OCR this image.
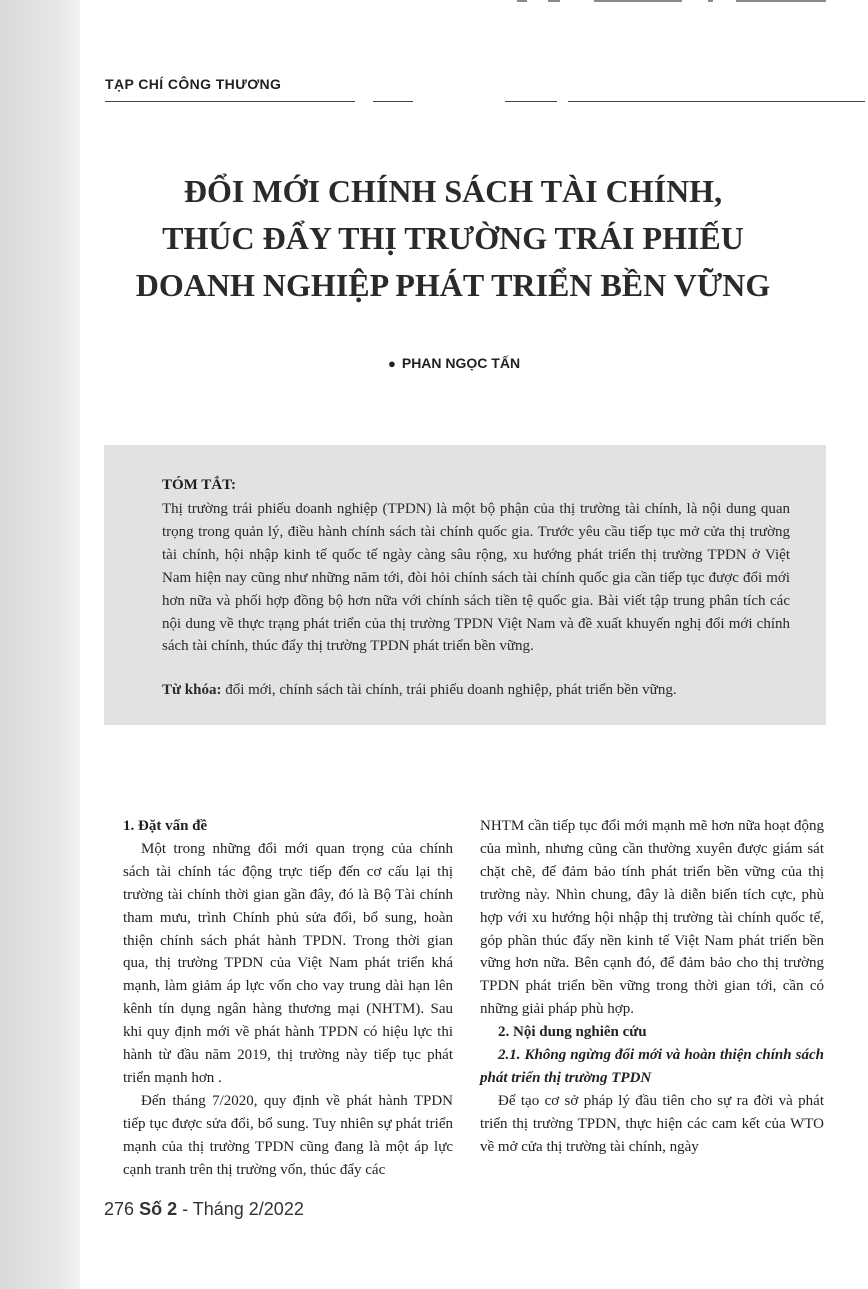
TẠP CHÍ CÔNG THƯƠNG
ĐỔI MỚI CHÍNH SÁCH TÀI CHÍNH,
THÚC ĐẨY THỊ TRƯỜNG TRÁI PHIẾU
DOANH NGHIỆP PHÁT TRIỂN BỀN VỮNG
● PHAN NGỌC TẤN
TÓM TẮT:

Thị trường trái phiếu doanh nghiệp (TPDN) là một bộ phận của thị trường tài chính, là nội dung quan trọng trong quản lý, điều hành chính sách tài chính quốc gia. Trước yêu cầu tiếp tục mở cửa thị trường tài chính, hội nhập kinh tế quốc tế ngày càng sâu rộng, xu hướng phát triển thị trường TPDN ở Việt Nam hiện nay cũng như những năm tới, đòi hỏi chính sách tài chính quốc gia cần tiếp tục được đổi mới hơn nữa và phối hợp đồng bộ hơn nữa với chính sách tiền tệ quốc gia. Bài viết tập trung phân tích các nội dung về thực trạng phát triển của thị trường TPDN Việt Nam và đề xuất khuyến nghị đổi mới chính sách tài chính, thúc đẩy thị trường TPDN phát triển bền vững.

Từ khóa: đổi mới, chính sách tài chính, trái phiếu doanh nghiệp, phát triển bền vững.

1. Đặt vấn đề

Một trong những đổi mới quan trọng của chính sách tài chính tác động trực tiếp đến cơ cấu lại thị trường tài chính thời gian gần đây, đó là Bộ Tài chính tham mưu, trình Chính phủ sửa đổi, bổ sung, hoàn thiện chính sách phát hành TPDN. Trong thời gian qua, thị trường TPDN của Việt Nam phát triển khá mạnh, làm giảm áp lực vốn cho vay trung dài hạn lên kênh tín dụng ngân hàng thương mại (NHTM). Sau khi quy định mới về phát hành TPDN có hiệu lực thi hành từ đầu năm 2019, thị trường này tiếp tục phát triển mạnh hơn .

Đến tháng 7/2020, quy định về phát hành TPDN tiếp tục được sửa đổi, bổ sung. Tuy nhiên sự phát triển mạnh của thị trường TPDN cũng đang là một áp lực cạnh tranh trên thị trường vốn, thúc đẩy các

NHTM cần tiếp tục đổi mới mạnh mẽ hơn nữa hoạt động của mình, nhưng cũng cần thường xuyên được giám sát chặt chẽ, để đảm bảo tính phát triển bền vững của thị trường này. Nhìn chung, đây là diễn biến tích cực, phù hợp với xu hướng hội nhập thị trường tài chính quốc tế, góp phần thúc đẩy nền kinh tế Việt Nam phát triển bền vững hơn nữa. Bên cạnh đó, để đảm bảo cho thị trường TPDN phát triển bền vững trong thời gian tới, cần có những giải pháp phù hợp.

2. Nội dung nghiên cứu

2.1. Không ngừng đổi mới và hoàn thiện chính sách phát triển thị trường TPDN

Để tạo cơ sở pháp lý đầu tiên cho sự ra đời và phát triển thị trường TPDN, thực hiện các cam kết của WTO về mở cửa thị trường tài chính, ngày

276 Số 2 - Tháng 2/2022
